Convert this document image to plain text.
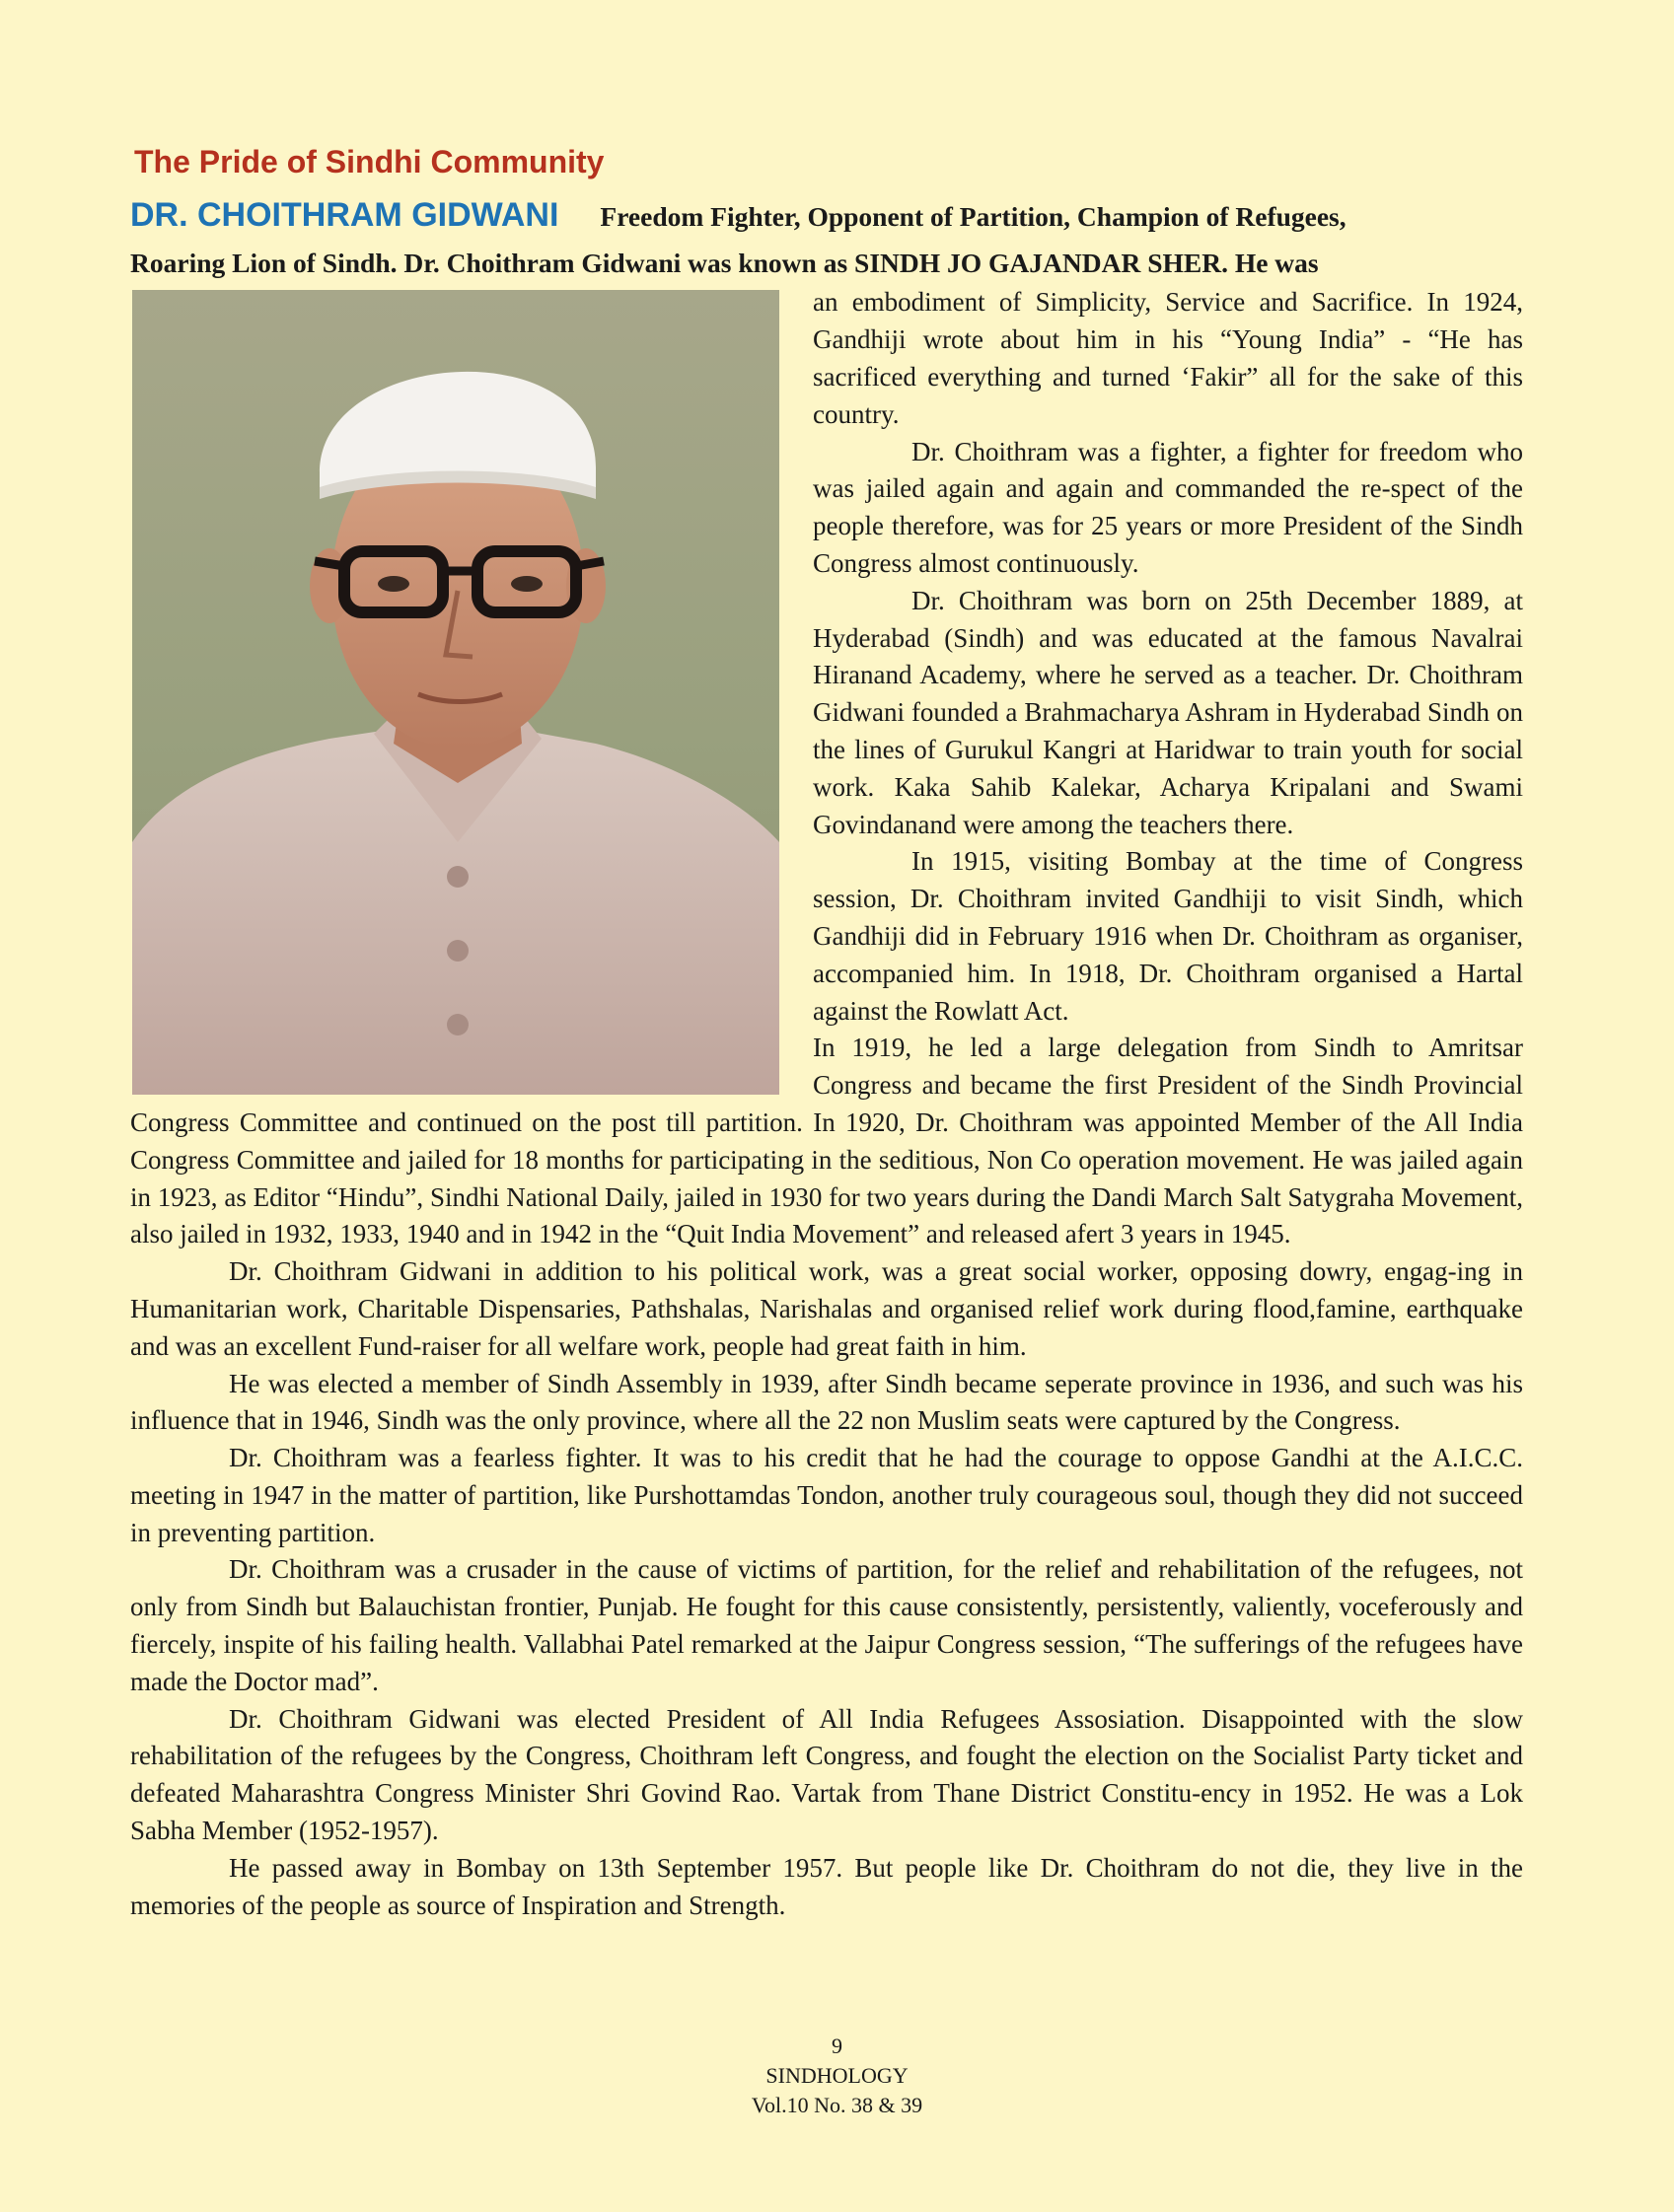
The Pride of Sindhi Community
DR. CHOITHRAM GIDWANI Freedom Fighter, Opponent of Partition, Champion of Refugees,
Roaring Lion of Sindh. Dr. Choithram Gidwani was known as SINDH JO GAJANDAR SHER. He was

an embodiment of Simplicity, Service and Sacrifice. In 1924, Gandhiji wrote about him in his “Young India” - “He has sacrificed everything and turned ‘Fakir” all for the sake of this country.

Dr. Choithram was a fighter, a fighter for freedom who was jailed again and again and commanded the re-spect of the people therefore, was for 25 years or more President of the Sindh Congress almost continuously.

Dr. Choithram was born on 25th December 1889, at Hyderabad (Sindh) and was educated at the famous Navalrai Hiranand Academy, where he served as a teacher. Dr. Choithram Gidwani founded a Brahmacharya Ashram in Hyderabad Sindh on the lines of Gurukul Kangri at Haridwar to train youth for social work. Kaka Sahib Kalekar, Acharya Kripalani and Swami Govindanand were among the teachers there.

In 1915, visiting Bombay at the time of Congress session, Dr. Choithram invited Gandhiji to visit Sindh, which Gandhiji did in February 1916 when Dr. Choithram as organiser, accompanied him. In 1918, Dr. Choithram organised a Hartal against the Rowlatt Act.

In 1919, he led a large delegation from Sindh to Amritsar Congress and became the first President of the Sindh Provincial Congress Committee and continued on the post till partition. In 1920, Dr. Choithram was appointed Member of the All India Congress Committee and jailed for 18 months for participating in the seditious, Non Co operation movement. He was jailed again in 1923, as Editor “Hindu”, Sindhi National Daily, jailed in 1930 for two years during the Dandi March Salt Satygraha Movement, also jailed in 1932, 1933, 1940 and in 1942 in the “Quit India Movement” and released afert 3 years in 1945.

Dr. Choithram Gidwani in addition to his political work, was a great social worker, opposing dowry, engag-ing in Humanitarian work, Charitable Dispensaries, Pathshalas, Narishalas and organised relief work during flood,famine, earthquake and was an excellent Fund-raiser for all welfare work, people had great faith in him.

He was elected a member of Sindh Assembly in 1939, after Sindh became seperate province in 1936, and such was his influence that in 1946, Sindh was the only province, where all the 22 non Muslim seats were captured by the Congress.

Dr. Choithram was a fearless fighter. It was to his credit that he had the courage to oppose Gandhi at the A.I.C.C. meeting in 1947 in the matter of partition, like Purshottamdas Tondon, another truly courageous soul, though they did not succeed in preventing partition.

Dr. Choithram was a crusader in the cause of victims of partition, for the relief and rehabilitation of the refugees, not only from Sindh but Balauchistan frontier, Punjab. He fought for this cause consistently, persistently, valiently, voceferously and fiercely, inspite of his failing health. Vallabhai Patel remarked at the Jaipur Congress session, “The sufferings of the refugees have made the Doctor mad”.

Dr. Choithram Gidwani was elected President of All India Refugees Assosiation. Disappointed with the slow rehabilitation of the refugees by the Congress, Choithram left Congress, and fought the election on the Socialist Party ticket and defeated Maharashtra Congress Minister Shri Govind Rao. Vartak from Thane District Constitu-ency in 1952. He was a Lok Sabha Member (1952-1957).

He passed away in Bombay on 13th September 1957. But people like Dr. Choithram do not die, they live in the memories of the people as source of Inspiration and Strength.

9
SINDHOLOGY
Vol.10 No. 38 & 39
